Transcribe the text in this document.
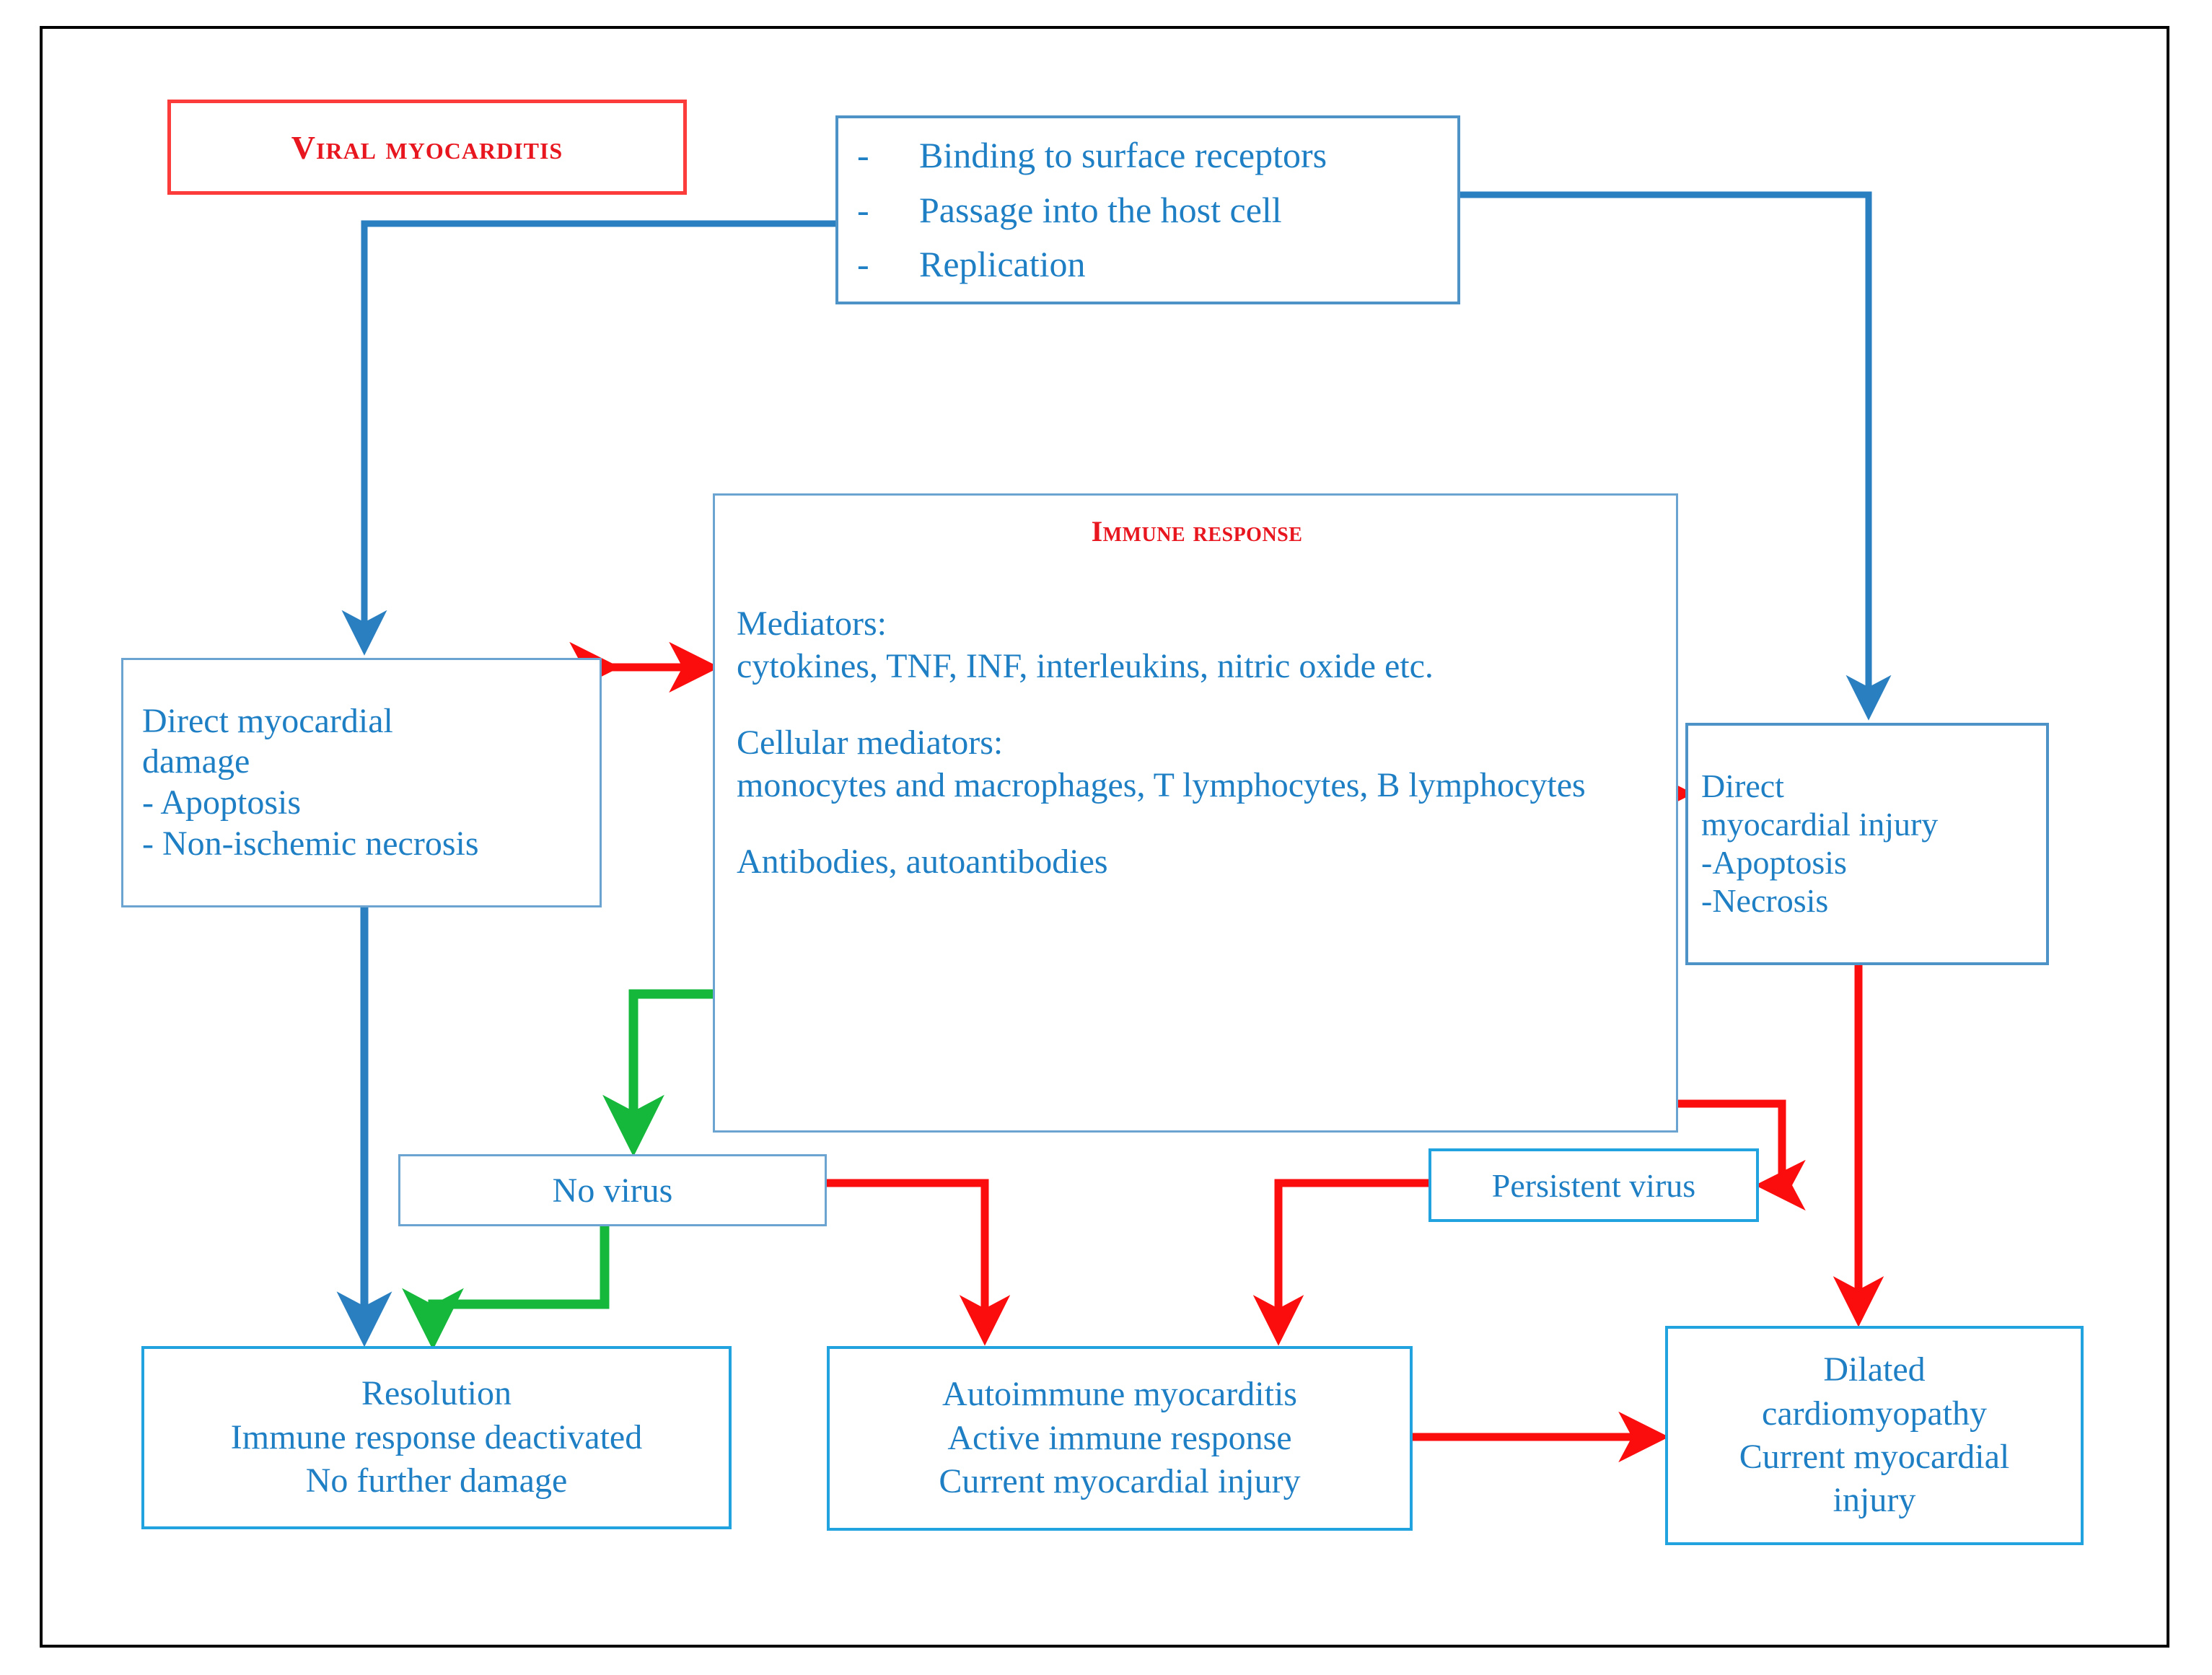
Viral myocarditis	-	Binding to surface receptors
-	Passage into the host cell
-	Replication
Immune response
Mediators:
cytokines, TNF, INF, interleukins, nitric oxide etc.
Cellular mediators:
monocytes and macrophages, T lymphocytes, B lymphocytes
Antibodies, autoantibodies
Direct myocardial
damage
- Apoptosis
- Non-ischemic necrosis
Direct
myocardial injury
-Apoptosis
-Necrosis
No virus	Persistent virus
Resolution
Immune response deactivated
No further damage
Autoimmune myocarditis
Active immune response
Current myocardial injury
Dilated
cardiomyopathy
Current myocardial
injury
